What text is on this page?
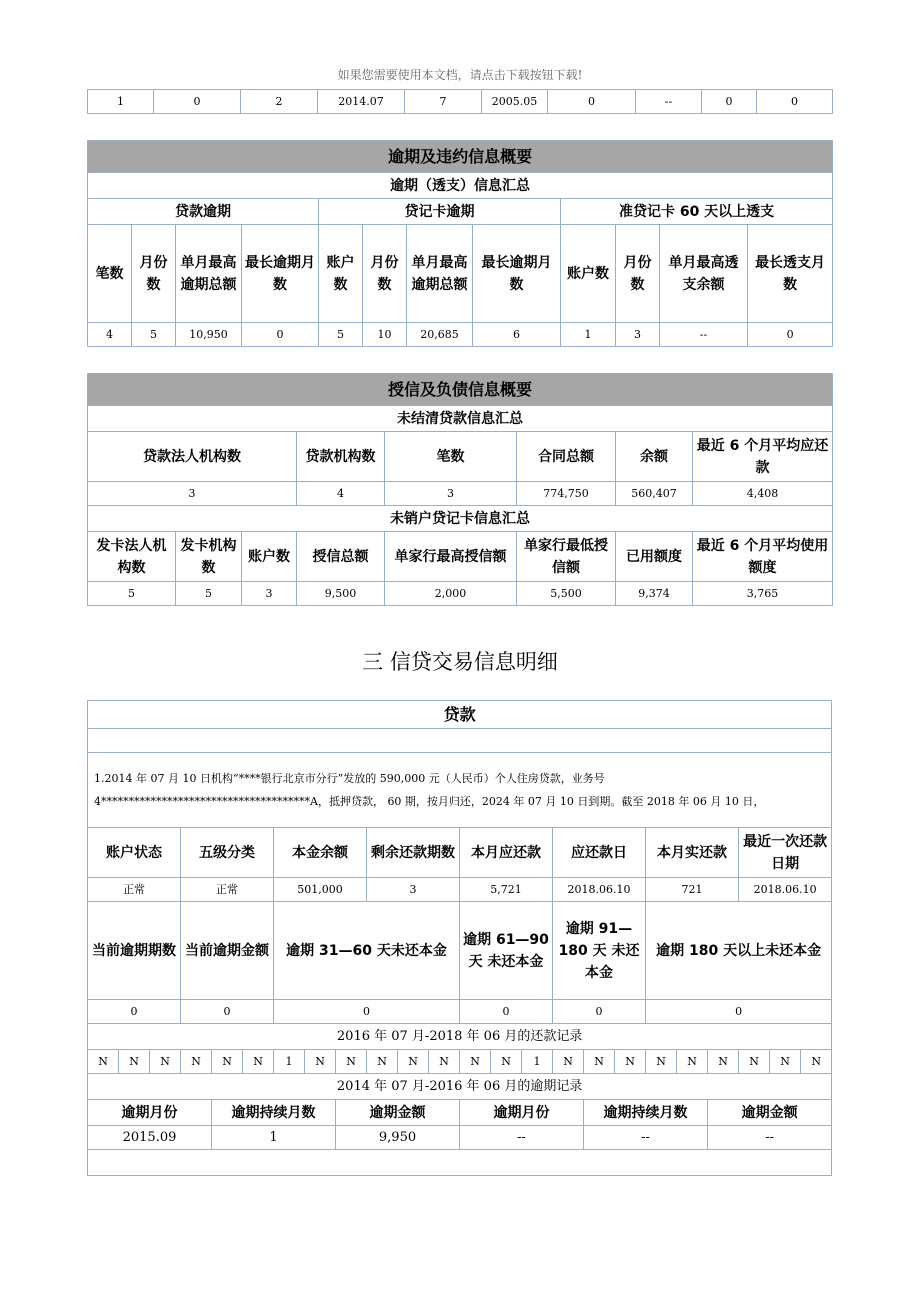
如果您需要使用本文档，请点击下载按钮下载!
1	0	2	2014.07	7	2005.05	0	--	0	0
逾期及违约信息概要											
逾期（透支）信息汇总											
贷款逾期				贷记卡逾期				准贷记卡 60 天以上透支			
笔数	月份数	单月最高逾期总额	最长逾期月数	账户数	月份数	单月最高逾期总额	最长逾期月数	账户数	月份数	单月最高透支余额	最长透支月数
4	5	10,950	0	5	10	20,685	6	1	3	--	0
授信及负债信息概要							
未结清贷款信息汇总							
贷款法人机构数			贷款机构数	笔数	合同总额	余额	最近 6 个月平均应还款
3			4	3	774,750	560,407	4,408
未销户贷记卡信息汇总							
发卡法人机构数	发卡机构数	账户数	授信总额	单家行最高授信额	单家行最低授信额	已用额度	最近 6 个月平均使用额度
5	5	3	9,500	2,000	5,500	9,374	3,765
三 信贷交易信息明细
贷款																							

1.2014 年 07 月 10 日机构“****银行北京市分行”发放的 590,000 元（人民币）个人住房贷款，业务号 4**************************************A，抵押贷款， 60 期，按月归还，2024 年 07 月 10 日到期。截至 2018 年 06 月 10 日，																							
账户状态			五级分类			本金余额			剩余还款期数			本月应还款			应还款日			本月实还款			最近一次还款日期		
正常			正常			501,000			3			5,721			2018.06.10			721			2018.06.10		
当前逾期期数			当前逾期金额			逾期 31—60 天未还本金						逾期 61—90 天 未还本金			逾期 91—180 天 未还本金			逾期 180 天以上未还本金					
0			0			0						0			0			0					
2016 年 07 月-2018 年 06 月的还款记录																							
N	N	N	N	N	N	1	N	N	N	N	N	N	N	1	N	N	N	N	N	N	N	N	N
2014 年 07 月-2016 年 06 月的逾期记录																							
逾期月份				逾期持续月数				逾期金额				逾期月份				逾期持续月数				逾期金额			
2015.09				1				9,950				--				--				--			
